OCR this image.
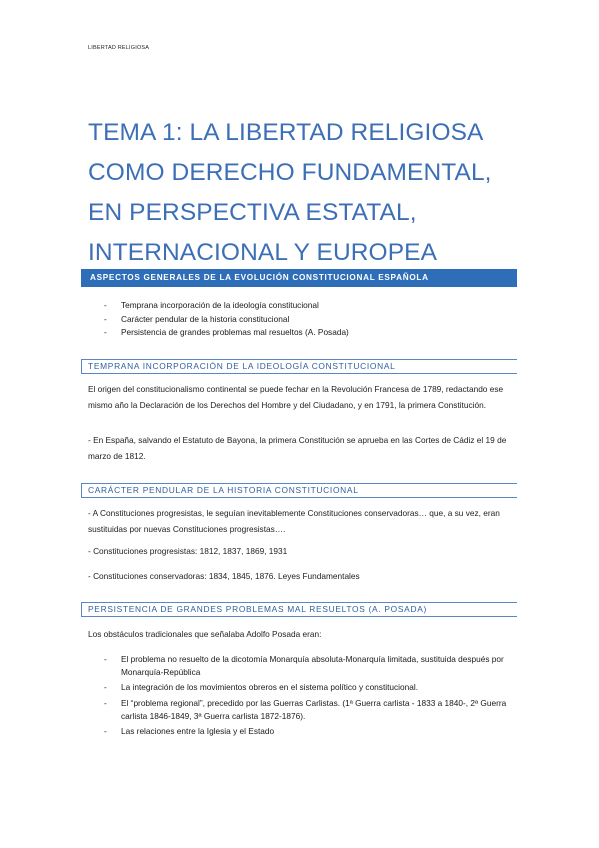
LIBERTAD RELIGIOSA
TEMA 1: LA LIBERTAD RELIGIOSA COMO DERECHO FUNDAMENTAL, EN PERSPECTIVA ESTATAL, INTERNACIONAL Y EUROPEA
ASPECTOS GENERALES DE LA EVOLUCIÓN CONSTITUCIONAL ESPAÑOLA
- Temprana incorporación de la ideología constitucional
- Carácter pendular de la historia constitucional
- Persistencia de grandes problemas mal resueltos (A. Posada)
TEMPRANA INCORPORACIÓN DE LA IDEOLOGÍA CONSTITUCIONAL

El origen del constitucionalismo continental se puede fechar en la Revolución Francesa de 1789, redactando ese mismo año la Declaración de los Derechos del Hombre y del Ciudadano, y en 1791, la primera Constitución.

- En España, salvando el Estatuto de Bayona, la primera Constitución se aprueba en las Cortes de Cádiz el 19 de marzo de 1812.

CARÁCTER PENDULAR DE LA HISTORIA CONSTITUCIONAL

- A Constituciones progresistas, le seguían inevitablemente Constituciones conservadoras… que, a su vez, eran sustituidas por nuevas Constituciones progresistas….

- Constituciones progresistas: 1812, 1837, 1869, 1931

- Constituciones conservadoras: 1834, 1845, 1876. Leyes Fundamentales

PERSISTENCIA DE GRANDES PROBLEMAS MAL RESUELTOS (A. POSADA)

Los obstáculos tradicionales que señalaba Adolfo Posada eran:

- El problema no resuelto de la dicotomía Monarquía absoluta-Monarquía limitada, sustituida después por Monarquía-República
- La integración de los movimientos obreros en el sistema político y constitucional.
- El “problema regional”, precedido por las Guerras Carlistas. (1ª Guerra carlista - 1833 a 1840-, 2ª Guerra carlista 1846-1849, 3ª Guerra carlista 1872-1876).
- Las relaciones entre la Iglesia y el Estado
